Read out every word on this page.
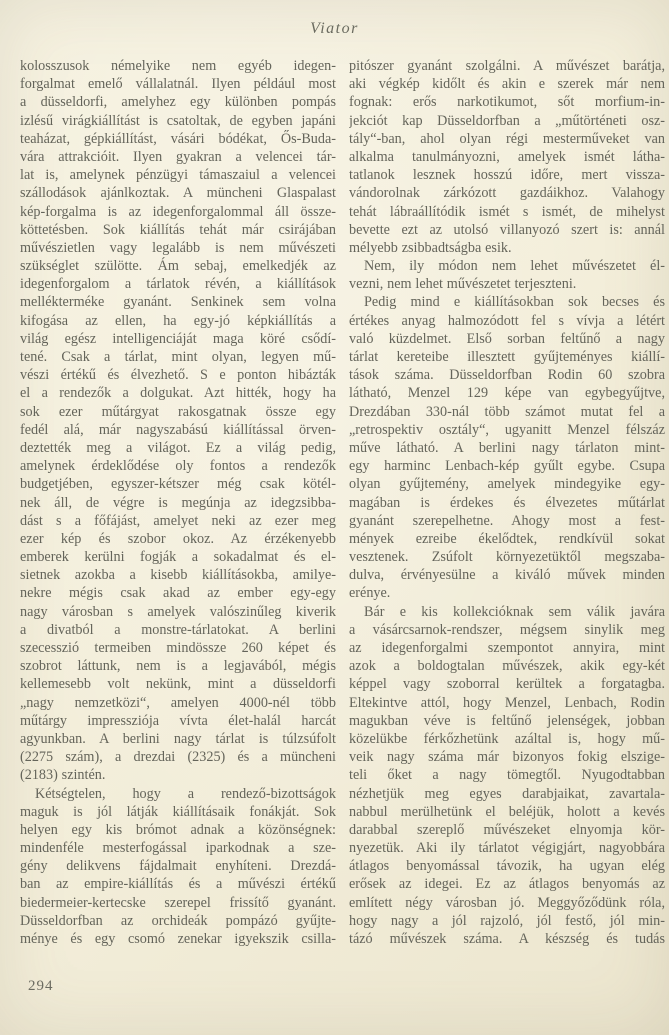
Viator
kolosszusok némelyike nem egyéb idegen-
forgalmat emelő vállalatnál. Ilyen például most
a düsseldorfi, amelyhez egy különben pompás
izlésű virágkiállítást is csatoltak, de egyben japáni
teaházat, gépkiállítást, vásári bódékat, Ős-Buda-
vára attrakcióit. Ilyen gyakran a velencei tár-
lat is, amelynek pénzügyi támaszaiul a velencei
szállodások ajánlkoztak. A müncheni Glaspalast
kép-forgalma is az idegenforgalommal áll össze-
köttetésben. Sok kiállítás tehát már csirájában
művészietlen vagy legalább is nem művészeti
szükséglet szülötte. Ám sebaj, emelkedjék az
idegenforgalom a tárlatok révén, a kiállítások
mellékterméke gyanánt. Senkinek sem volna
kifogása az ellen, ha egy-jó képkiállítás a
világ egész intelligenciáját maga köré csődí-
tené. Csak a tárlat, mint olyan, legyen mű-
vészi értékű és élvezhető. S e ponton hibázták
el a rendezők a dolgukat. Azt hitték, hogy ha
sok ezer műtárgyat rakosgatnak össze egy
fedél alá, már nagyszabású kiállítással örven-
deztették meg a világot. Ez a világ pedig,
amelynek érdeklődése oly fontos a rendezők
budgetjében, egyszer-kétszer még csak kötél-
nek áll, de végre is megúnja az idegzsibba-
dást s a főfájást, amelyet neki az ezer meg
ezer kép és szobor okoz. Az érzékenyebb
emberek kerülni fogják a sokadalmat és el-
sietnek azokba a kisebb kiállításokba, amilye-
nekre mégis csak akad az ember egy-egy
nagy városban s amelyek valószinűleg kiverik
a divatból a monstre-tárlatokat. A berlini
szecesszió termeiben mindössze 260 képet és
szobrot láttunk, nem is a legjavából, mégis
kellemesebb volt nekünk, mint a düsseldorfi
„nagy nemzetközi“, amelyen 4000-nél több
műtárgy impressziója vívta élet-halál harcát
agyunkban. A berlini nagy tárlat is túlzsúfolt
(2275 szám), a drezdai (2325) és a müncheni
(2183) szintén.
Kétségtelen, hogy a rendező-bizottságok
maguk is jól látják kiállításaik fonákját. Sok
helyen egy kis brómot adnak a közönségnek:
mindenféle mesterfogással iparkodnak a sze-
gény delikvens fájdalmait enyhíteni. Drezdá-
ban az empire-kiállítás és a művészi értékű
biedermeier-kertecske szerepel frissítő gyanánt.
Düsseldorfban az orchideák pompázó gyűjte-
ménye és egy csomó zenekar igyekszik csilla-
pitószer gyanánt szolgálni. A művészet barátja,
aki végkép kidőlt és akin e szerek már nem
fognak: erős narkotikumot, sőt morfium-in-
jekciót kap Düsseldorfban a „műtörténeti osz-
tály“-ban, ahol olyan régi mesterműveket van
alkalma tanulmányozni, amelyek ismét látha-
tatlanok lesznek hosszú időre, mert vissza-
vándorolnak zárkózott gazdáikhoz. Valahogy
tehát lábraállítódik ismét s ismét, de mihelyst
bevette ezt az utolsó villanyozó szert is: annál
mélyebb zsibbadtságba esik.
Nem, ily módon nem lehet művészetet él-
vezni, nem lehet művészetet terjeszteni.
Pedig mind e kiállításokban sok becses és
értékes anyag halmozódott fel s vívja a létért
való küzdelmet. Első sorban feltűnő a nagy
tárlat kereteibe illesztett gyűjteményes kiállí-
tások száma. Düsseldorfban Rodin 60 szobra
látható, Menzel 129 képe van egybegyűjtve,
Drezdában 330-nál több számot mutat fel a
„retrospektiv osztály“, ugyanitt Menzel félszáz
műve látható. A berlini nagy tárlaton mint-
egy harminc Lenbach-kép gyűlt egybe. Csupa
olyan gyűjtemény, amelyek mindegyike egy-
magában is érdekes és élvezetes műtárlat
gyanánt szerepelhetne. Ahogy most a fest-
mények ezreibe ékelődtek, rendkívül sokat
vesztenek. Zsúfolt környezetüktől megszaba-
dulva, érvényesülne a kiváló művek minden
erénye.
Bár e kis kollekcióknak sem válik javára
a vásárcsarnok-rendszer, mégsem sinylik meg
az idegenforgalmi szempontot annyira, mint
azok a boldogtalan művészek, akik egy-két
képpel vagy szoborral kerültek a forgatagba.
Eltekintve attól, hogy Menzel, Lenbach, Rodin
magukban véve is feltűnő jelenségek, jobban
közelükbe férkőzhetünk azáltal is, hogy mű-
veik nagy száma már bizonyos fokig elszige-
teli őket a nagy tömegtől. Nyugodtabban
nézhetjük meg egyes darabjaikat, zavartala-
nabbul merülhetünk el beléjük, holott a kevés
darabbal szereplő művészeket elnyomja kör-
nyezetük. Aki ily tárlatot végigjárt, nagyobbára
átlagos benyomással távozik, ha ugyan elég
erősek az idegei. Ez az átlagos benyomás az
említett négy városban jó. Meggyőződünk róla,
hogy nagy a jól rajzoló, jól festő, jól min-
tázó művészek száma. A készség és tudás
294
